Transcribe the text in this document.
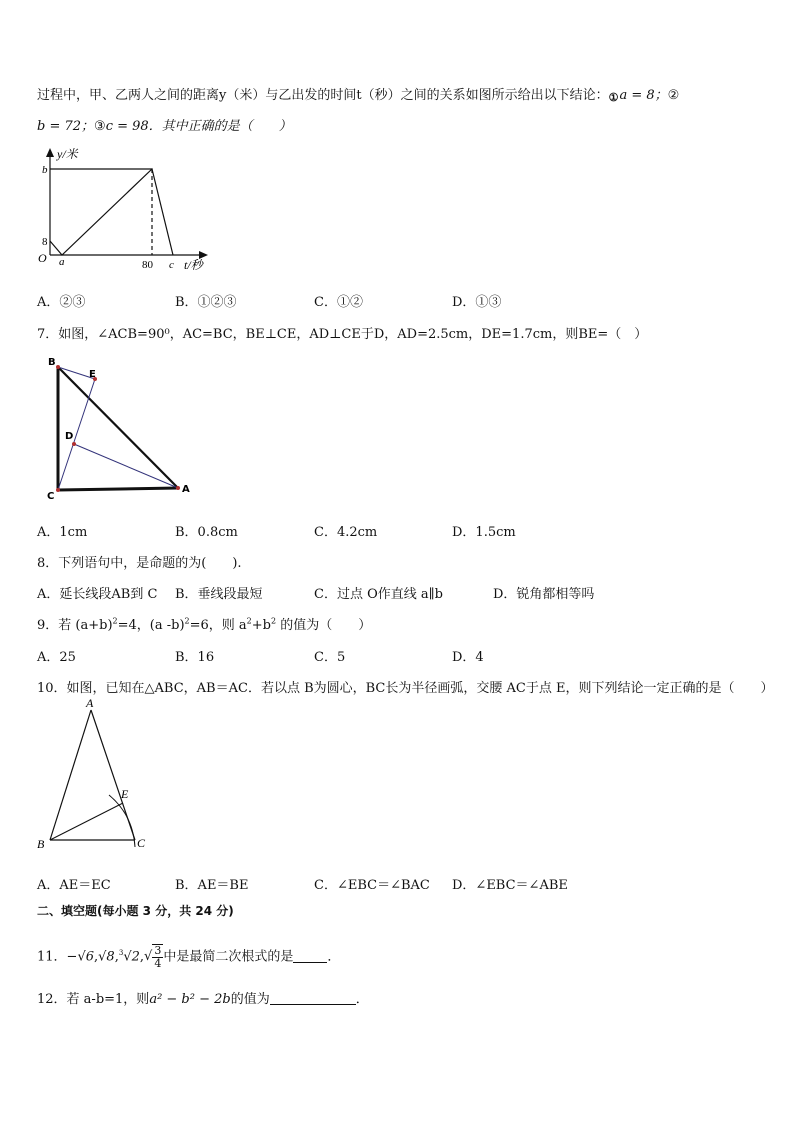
过程中，甲、乙两人之间的距离y（米）与乙出发的时间t（秒）之间的关系如图所示给出以下结论：①a = 8；②
b = 72；③c = 98．其中正确的是（　　）
y/米
t/秒
O
b
8
a	80 c
A．②③	B．①②③	C．①②	D．①③
7．如图，∠ACB=90⁰，AC=BC，BE⊥CE，AD⊥CE于D，AD=2.5cm，DE=1.7cm，则BE=（　）
B
E
D
C
A
A．1cm	B．0.8cm	C．4.2cm	D．1.5cm
8．下列语句中，是命题的为(　　).
A．延长线段AB到 C B．垂线段最短	C．过点 O作直线 a∥b	D．锐角都相等吗
9．若 $(a+b)^2=4$，(a -b)$^2$=6，则 $a^2+b^2$ 的值为（　　）
A．25	B．16	C．5	D．4
10．如图，已知在△ABC，AB＝AC．若以点 B为圆心，BC长为半径画弧，交腰 AC于点 E，则下列结论一定正确的是（　　）
A
E
B	C
A．AE＝EC	B．AE＝BE	C．∠EBC＝∠BAC D．∠EBC＝∠ABE
二、填空题(每小题 3 分，共 24 分)
11．$-√6,√8,^3√2,√ \frac{3}{4}$ 中是最简二次根式的是	．
12．若 a-b=1，则a² − b² − 2b的值为	．
